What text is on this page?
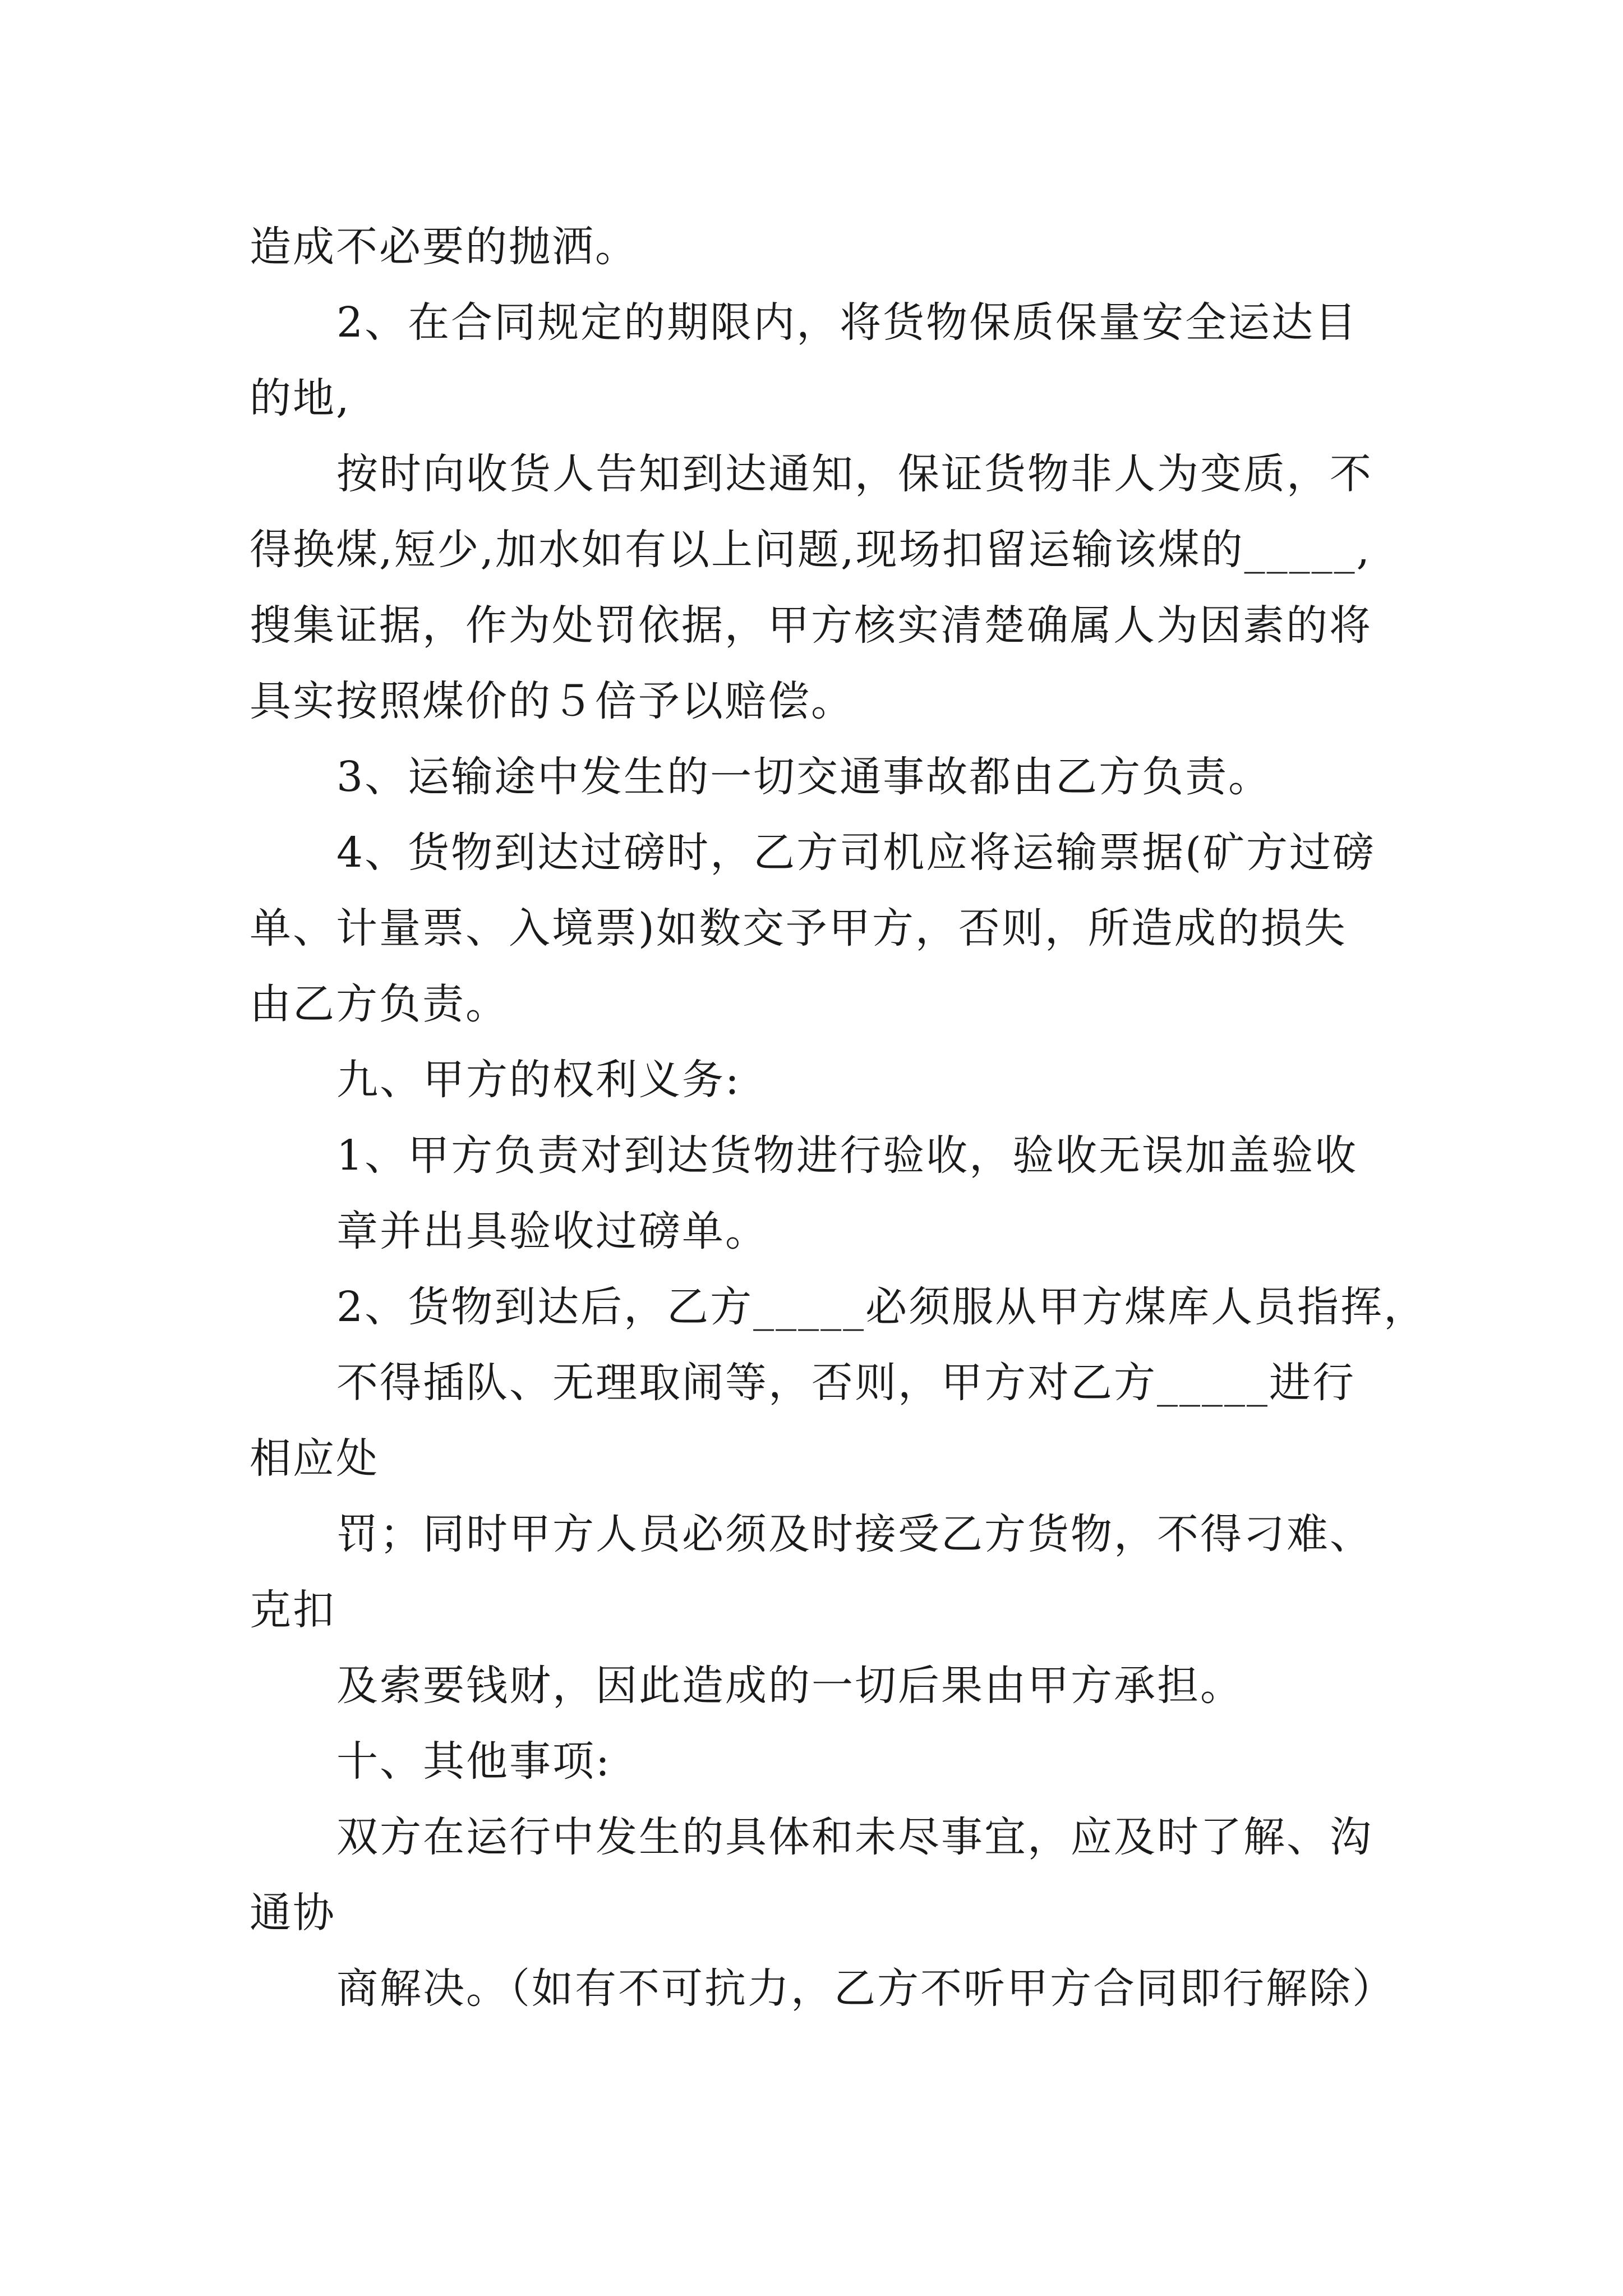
造成不必要的抛洒。
2、在合同规定的期限内，将货物保质保量安全运达目
的地,
按时向收货人告知到达通知，保证货物非人为变质，不
得换煤,短少,加水如有以上问题,现场扣留运输该煤的_____,
搜集证据，作为处罚依据，甲方核实清楚确属人为因素的将
具实按照煤价的５倍予以赔偿。
3、运输途中发生的一切交通事故都由乙方负责。
4、货物到达过磅时，乙方司机应将运输票据(矿方过磅
单、计量票、入境票)如数交予甲方，否则，所造成的损失
由乙方负责。
九、甲方的权利义务:
1、甲方负责对到达货物进行验收，验收无误加盖验收
章并出具验收过磅单。
2、货物到达后，乙方_____必须服从甲方煤库人员指挥，
不得插队、无理取闹等，否则，甲方对乙方_____进行
相应处
罚；同时甲方人员必须及时接受乙方货物，不得刁难、
克扣
及索要钱财，因此造成的一切后果由甲方承担。
十、其他事项:
双方在运行中发生的具体和未尽事宜，应及时了解、沟
通协
商解决。（如有不可抗力，乙方不听甲方合同即行解除）
